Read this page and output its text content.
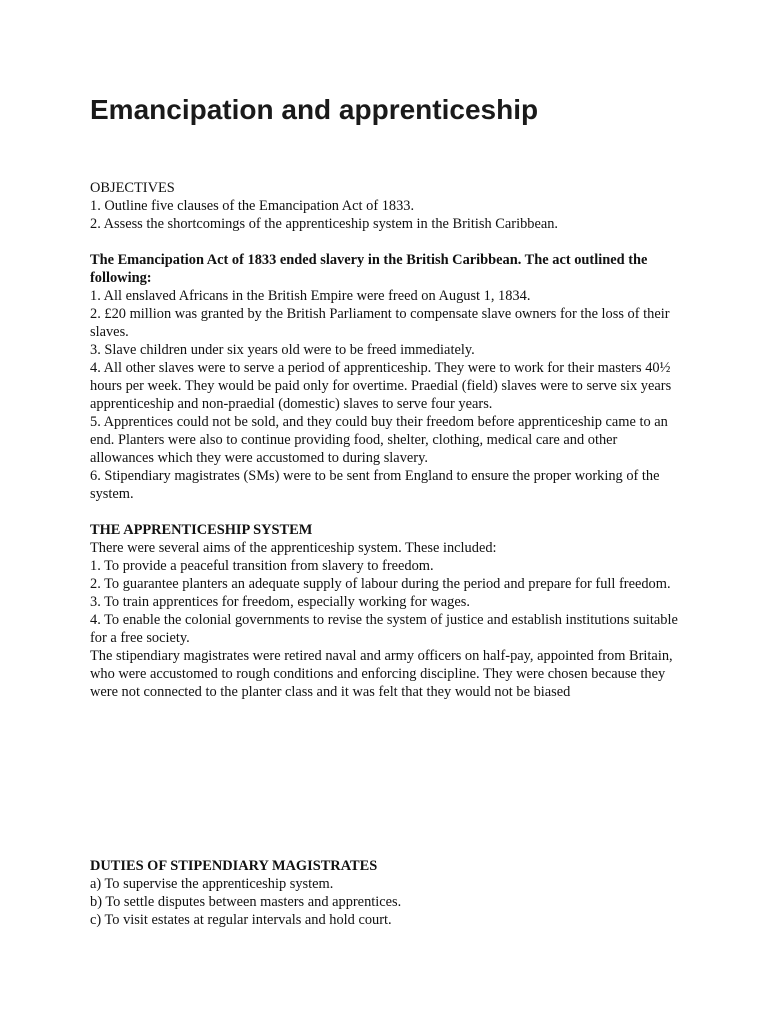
Emancipation and apprenticeship

OBJECTIVES

1. Outline five clauses of the Emancipation Act of 1833.

2. Assess the shortcomings of the apprenticeship system in the British Caribbean.

The Emancipation Act of 1833 ended slavery in the British Caribbean. The act outlined the following:

1. All enslaved Africans in the British Empire were freed on August 1, 1834.

2. £20 million was granted by the British Parliament to compensate slave owners for the loss of their slaves.

3. Slave children under six years old were to be freed immediately.

4. All other slaves were to serve a period of apprenticeship. They were to work for their masters 40½ hours per week. They would be paid only for overtime. Praedial (field) slaves were to serve six years apprenticeship and non-praedial (domestic) slaves to serve four years.

5. Apprentices could not be sold, and they could buy their freedom before apprenticeship came to an end. Planters were also to continue providing food, shelter, clothing, medical care and other allowances which they were accustomed to during slavery.

6. Stipendiary magistrates (SMs) were to be sent from England to ensure the proper working of the system.

THE APPRENTICESHIP SYSTEM

There were several aims of the apprenticeship system. These included:

1. To provide a peaceful transition from slavery to freedom.

2. To guarantee planters an adequate supply of labour during the period and prepare for full freedom.

3. To train apprentices for freedom, especially working for wages.

4. To enable the colonial governments to revise the system of justice and establish institutions suitable for a free society.

The stipendiary magistrates were retired naval and army officers on half-pay, appointed from Britain, who were accustomed to rough conditions and enforcing discipline. They were chosen because they were not connected to the planter class and it was felt that they would not be biased

DUTIES OF STIPENDIARY MAGISTRATES

a) To supervise the apprenticeship system.

b) To settle disputes between masters and apprentices.

c) To visit estates at regular intervals and hold court.
